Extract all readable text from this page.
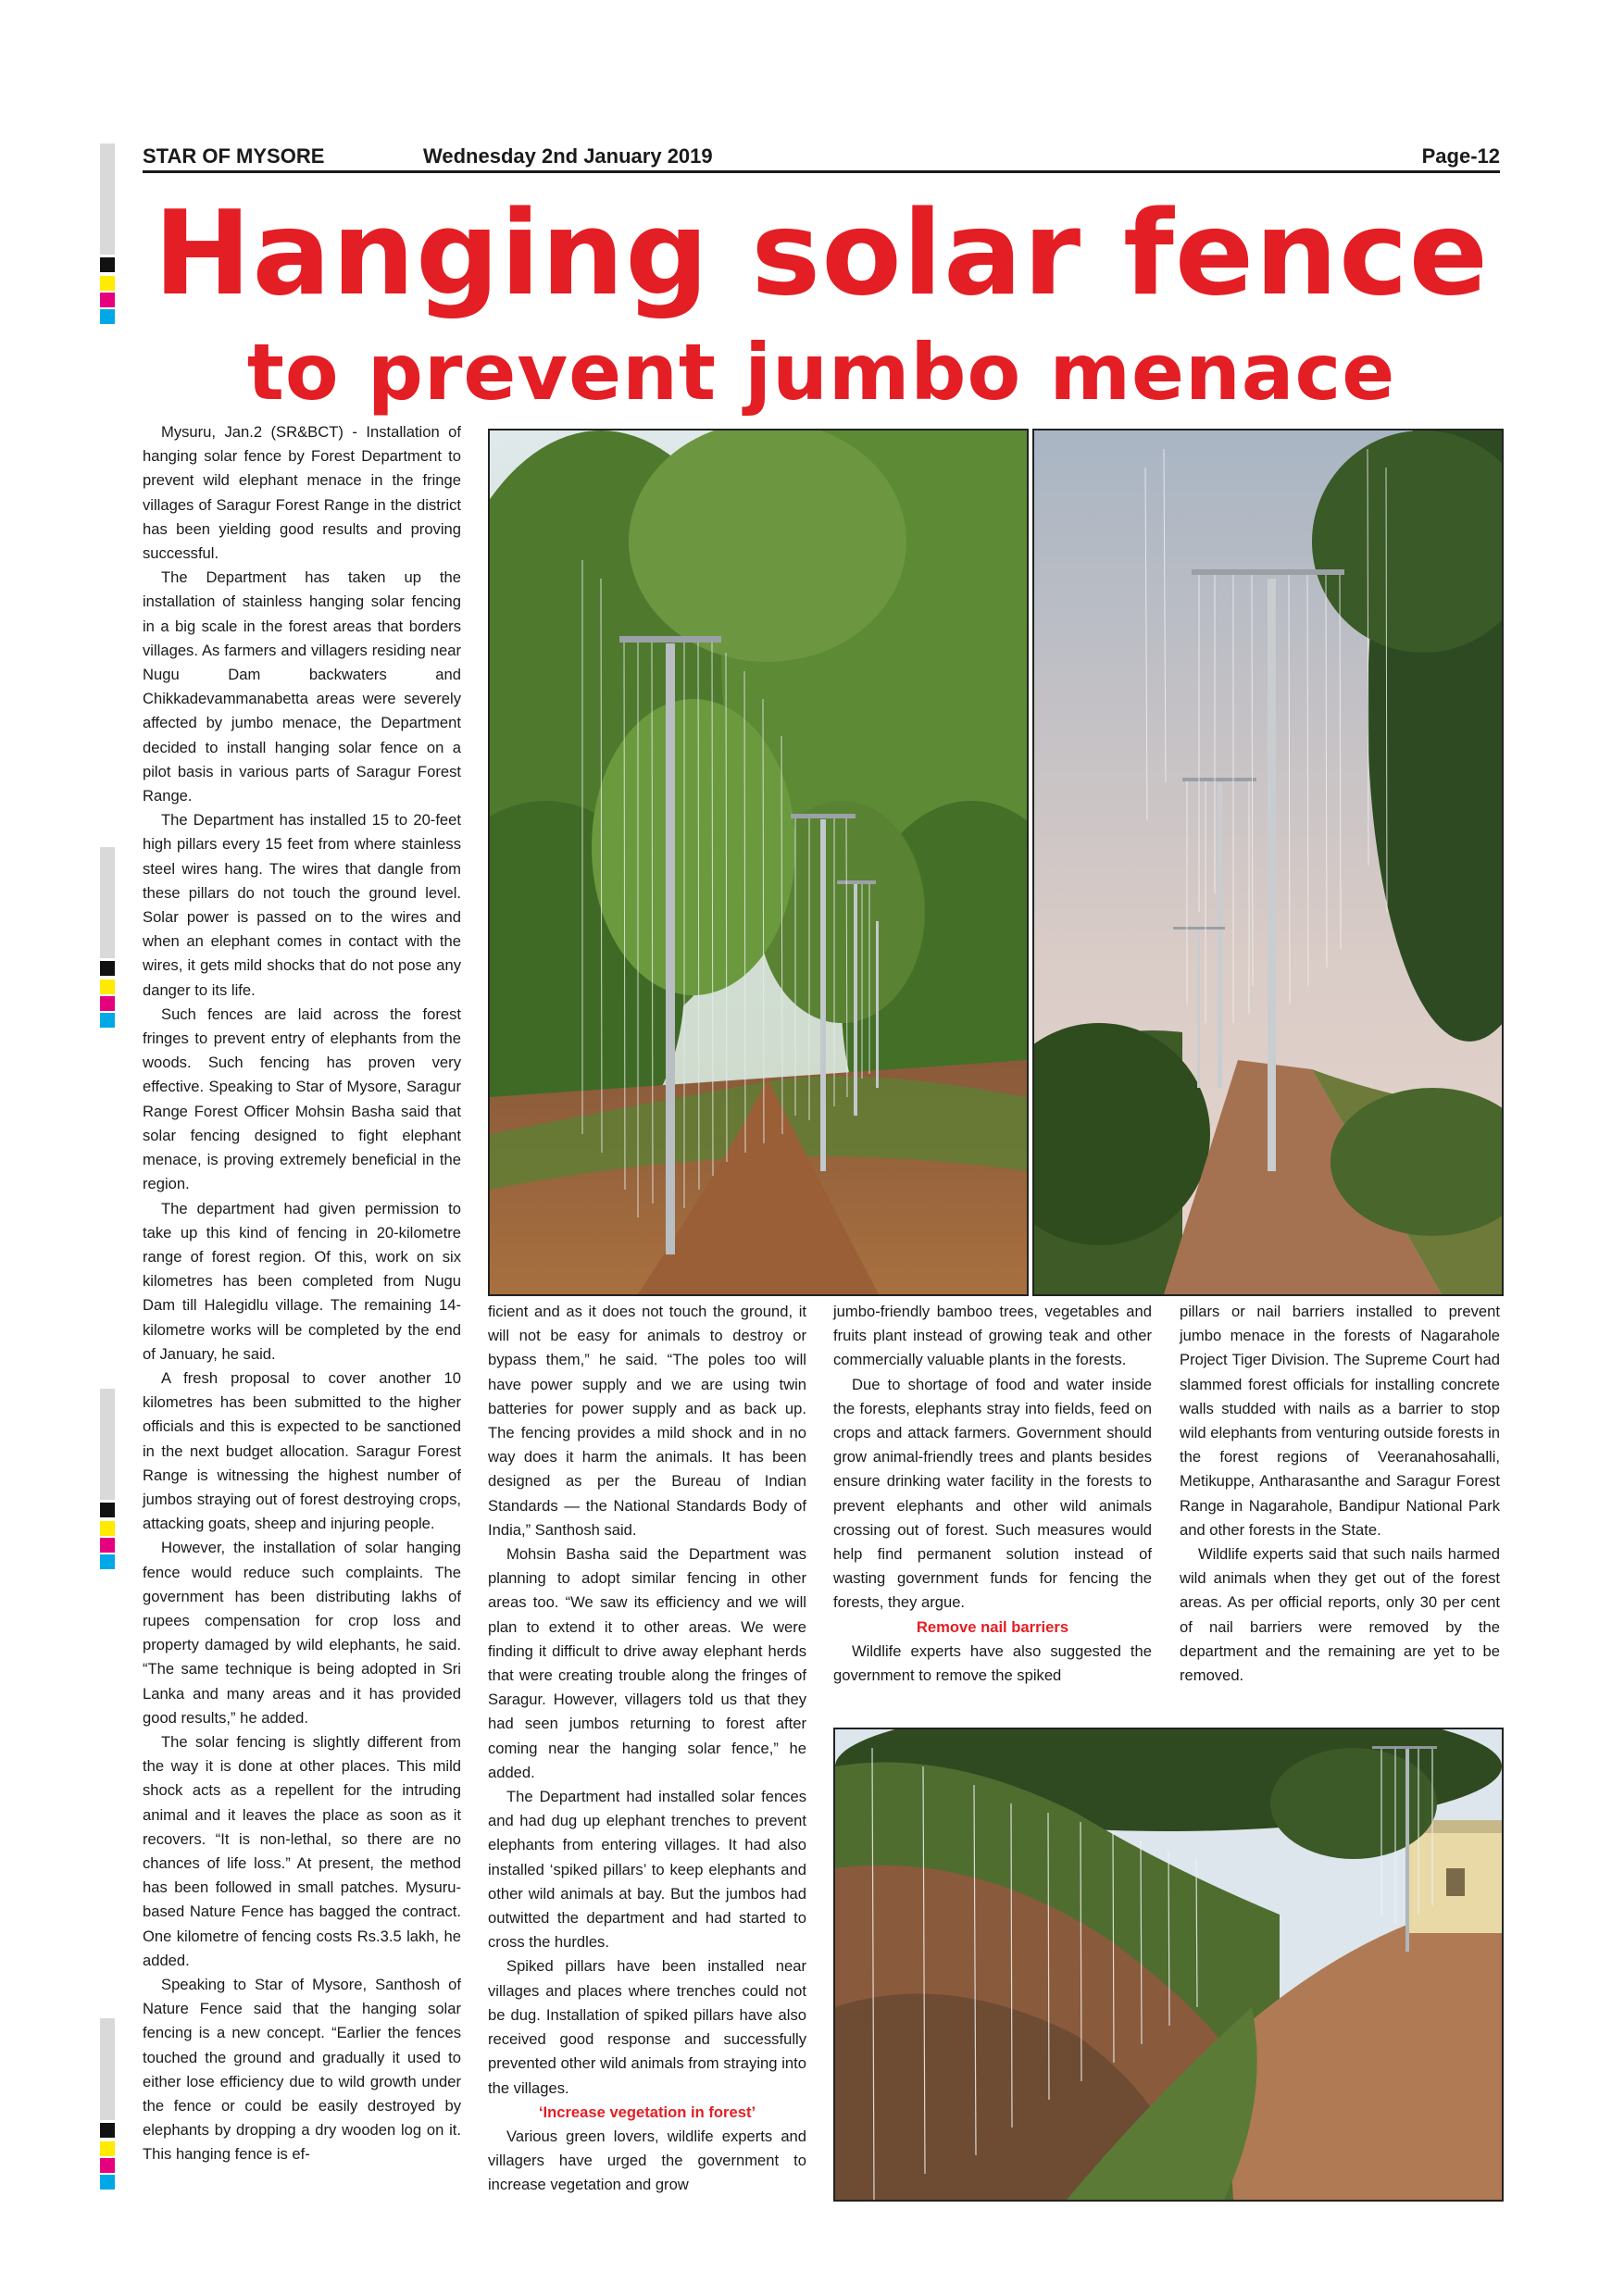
STAR OF MYSORE	Wednesday 2nd January 2019	Page-12
Hanging solar fence
to prevent jumbo menace

Mysuru, Jan.2 (SR&BCT) - Installation of hanging solar fence by Forest Department to prevent wild elephant menace in the fringe villages of Saragur Forest Range in the district has been yielding good results and proving successful.

The Department has taken up the installation of stainless hanging solar fencing in a big scale in the forest areas that borders villages. As farmers and villagers residing near Nugu Dam backwaters and Chikkadevammanabetta areas were severely affected by jumbo menace, the Department decided to install hanging solar fence on a pilot basis in various parts of Saragur Forest Range.

The Department has installed 15 to 20-feet high pillars every 15 feet from where stainless steel wires hang. The wires that dangle from these pillars do not touch the ground level. Solar power is passed on to the wires and when an elephant comes in contact with the wires, it gets mild shocks that do not pose any danger to its life.

Such fences are laid across the forest fringes to prevent entry of elephants from the woods. Such fencing has proven very effective. Speaking to Star of Mysore, Saragur Range Forest Officer Mohsin Basha said that solar fencing designed to fight elephant menace, is proving extremely beneficial in the region.

The department had given permission to take up this kind of fencing in 20-kilometre range of forest region. Of this, work on six kilometres has been completed from Nugu Dam till Halegidlu village. The remaining 14-kilometre works will be completed by the end of January, he said.

A fresh proposal to cover another 10 kilometres has been submitted to the higher officials and this is expected to be sanctioned in the next budget allocation. Saragur Forest Range is witnessing the highest number of jumbos straying out of forest destroying crops, attacking goats, sheep and injuring people.

However, the installation of solar hanging fence would reduce such complaints. The government has been distributing lakhs of rupees compensation for crop loss and property damaged by wild elephants, he said. “The same technique is being adopted in Sri Lanka and many areas and it has provided good results,” he added.

The solar fencing is slightly different from the way it is done at other places. This mild shock acts as a repellent for the intruding animal and it leaves the place as soon as it recovers. “It is non-lethal, so there are no chances of life loss.” At present, the method has been followed in small patches. Mysuru-based Nature Fence has bagged the contract. One kilometre of fencing costs Rs.3.5 lakh, he added.

Speaking to Star of Mysore, Santhosh of Nature Fence said that the hanging solar fencing is a new concept. “Earlier the fences touched the ground and gradually it used to either lose efficiency due to wild growth under the fence or could be easily destroyed by elephants by dropping a dry wooden log on it. This hanging fence is ef-

ficient and as it does not touch the ground, it will not be easy for animals to destroy or bypass them,” he said. “The poles too will have power supply and we are using twin batteries for power supply and as back up. The fencing provides a mild shock and in no way does it harm the animals. It has been designed as per the Bureau of Indian Standards — the National Standards Body of India,” Santhosh said.

Mohsin Basha said the Department was planning to adopt similar fencing in other areas too. “We saw its efficiency and we will plan to extend it to other areas. We were finding it difficult to drive away elephant herds that were creating trouble along the fringes of Saragur. However, villagers told us that they had seen jumbos returning to forest after coming near the hanging solar fence,” he added.

The Department had installed solar fences and had dug up elephant trenches to prevent elephants from entering villages. It had also installed ‘spiked pillars’ to keep elephants and other wild animals at bay. But the jumbos had outwitted the department and had started to cross the hurdles.

Spiked pillars have been installed near villages and places where trenches could not be dug. Installation of spiked pillars have also received good response and successfully prevented other wild animals from straying into the villages.

‘Increase vegetation in forest’

Various green lovers, wildlife experts and villagers have urged the government to increase vegetation and grow

jumbo-friendly bamboo trees, vegetables and fruits plant instead of growing teak and other commercially valuable plants in the forests.

Due to shortage of food and water inside the forests, elephants stray into fields, feed on crops and attack farmers. Government should grow animal-friendly trees and plants besides ensure drinking water facility in the forests to prevent elephants and other wild animals crossing out of forest. Such measures would help find permanent solution instead of wasting government funds for fencing the forests, they argue.

Remove nail barriers

Wildlife experts have also suggested the government to remove the spiked

pillars or nail barriers installed to prevent jumbo menace in the forests of Nagarahole Project Tiger Division. The Supreme Court had slammed forest officials for installing concrete walls studded with nails as a barrier to stop wild elephants from venturing outside forests in the forest regions of Veeranahosahalli, Metikuppe, Antharasanthe and Saragur Forest Range in Nagarahole, Bandipur National Park and other forests in the State.

Wildlife experts said that such nails harmed wild animals when they get out of the forest areas. As per official reports, only 30 per cent of nail barriers were removed by the department and the remaining are yet to be removed.
